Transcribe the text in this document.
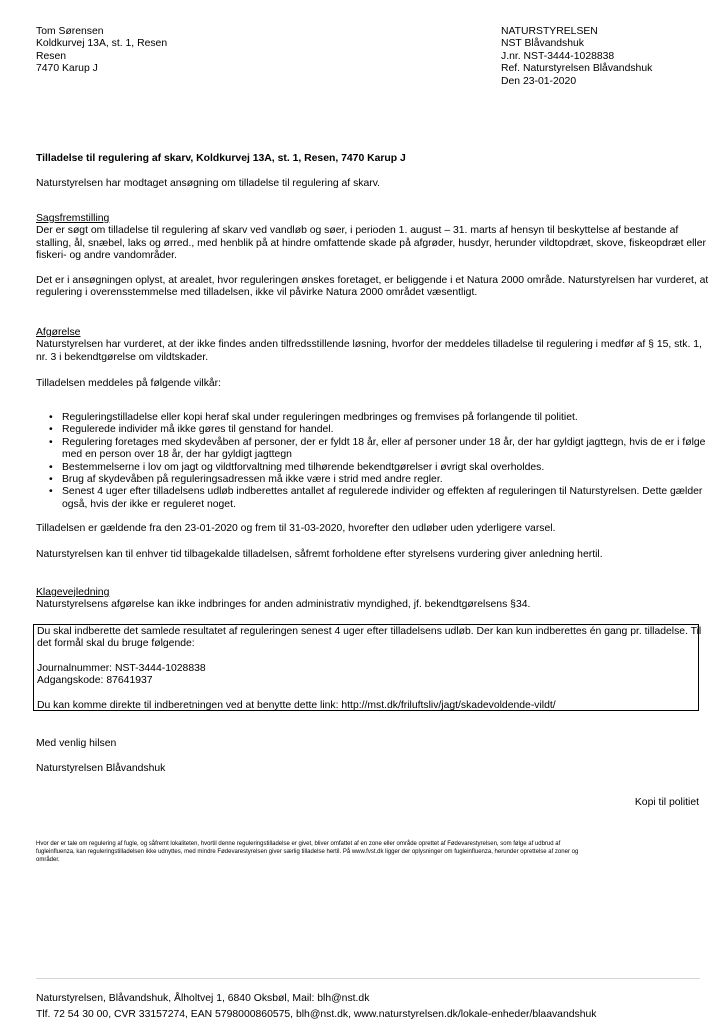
Tom Sørensen
Koldkurvej 13A, st. 1, Resen
Resen
7470 Karup J
NATURSTYRELSEN
NST Blåvandshuk
J.nr. NST-3444-1028838
Ref. Naturstyrelsen Blåvandshuk
Den 23-01-2020
Tilladelse til regulering af skarv, Koldkurvej 13A, st. 1, Resen, 7470 Karup J
Naturstyrelsen har modtaget ansøgning om tilladelse til regulering af skarv.
Sagsfremstilling
Der er søgt om tilladelse til regulering af skarv ved vandløb og søer, i perioden 1. august – 31. marts af hensyn til beskyttelse af bestande af
stalling, ål, snæbel, laks og ørred., med henblik på at hindre omfattende skade på afgrøder, husdyr, herunder vildtopdræt, skove, fiskeopdræt eller
fiskeri- og andre vandområder.
Det er i ansøgningen oplyst, at arealet, hvor reguleringen ønskes foretaget, er beliggende i et Natura 2000 område. Naturstyrelsen har vurderet, at
regulering i overensstemmelse med tilladelsen, ikke vil påvirke Natura 2000 området væsentligt.
Afgørelse
Naturstyrelsen har vurderet, at der ikke findes anden tilfredsstillende løsning, hvorfor der meddeles tilladelse til regulering i medfør af § 15, stk. 1,
nr. 3 i bekendtgørelse om vildtskader.
Tilladelsen meddeles på følgende vilkår:
• Reguleringstilladelse eller kopi heraf skal under reguleringen medbringes og fremvises på forlangende til politiet.
• Regulerede individer må ikke gøres til genstand for handel.
• Regulering foretages med skydevåben af personer, der er fyldt 18 år, eller af personer under 18 år, der har gyldigt jagttegn, hvis de er i følge
med en person over 18 år, der har gyldigt jagttegn
• Bestemmelserne i lov om jagt og vildtforvaltning med tilhørende bekendtgørelser i øvrigt skal overholdes.
• Brug af skydevåben på reguleringsadressen må ikke være i strid med andre regler.
• Senest 4 uger efter tilladelsens udløb indberettes antallet af regulerede individer og effekten af reguleringen til Naturstyrelsen. Dette gælder
også, hvis der ikke er reguleret noget.
Tilladelsen er gældende fra den 23-01-2020 og frem til 31-03-2020, hvorefter den udløber uden yderligere varsel.
Naturstyrelsen kan til enhver tid tilbagekalde tilladelsen, såfremt forholdene efter styrelsens vurdering giver anledning hertil.
Klagevejledning
Naturstyrelsens afgørelse kan ikke indbringes for anden administrativ myndighed, jf. bekendtgørelsens §34.
Du skal indberette det samlede resultatet af reguleringen senest 4 uger efter tilladelsens udløb. Der kan kun indberettes én gang pr. tilladelse. Til
det formål skal du bruge følgende:
Journalnummer: NST-3444-1028838
Adgangskode: 87641937
Du kan komme direkte til indberetningen ved at benytte dette link: http://mst.dk/friluftsliv/jagt/skadevoldende-vildt/
Med venlig hilsen
Naturstyrelsen Blåvandshuk
Kopi til politiet
Hvor der er tale om regulering af fugle, og såfremt lokaliteten, hvortil denne reguleringstilladelse er givet, bliver omfattet af en zone eller område oprettet af Fødevarestyrelsen, som følge af udbrud af
fugleinfluenza, kan reguleringstilladelsen ikke udnyttes, med mindre Fødevarestyrelsen giver særlig tilladelse hertil. På www.fvst.dk ligger der oplysninger om fugleinfluenza, herunder oprettelse af zoner og
områder.
Naturstyrelsen, Blåvandshuk, Ålholtvej 1, 6840 Oksbøl, Mail: blh@nst.dk
Tlf. 72 54 30 00, CVR 33157274, EAN 5798000860575, blh@nst.dk, www.naturstyrelsen.dk/lokale-enheder/blaavandshuk
